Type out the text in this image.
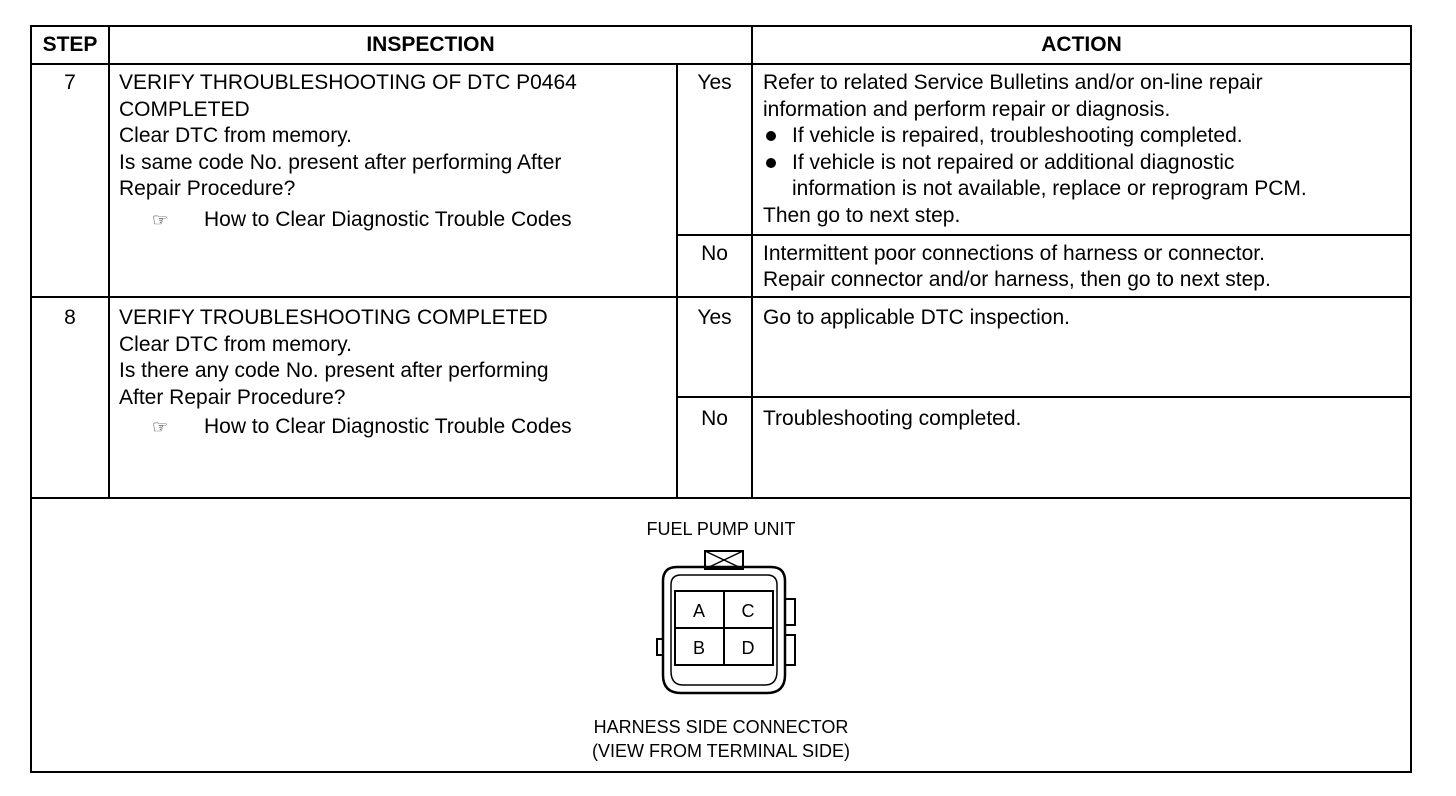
STEP	INSPECTION	ACTION
7	VERIFY THROUBLESHOOTING OF DTC P0464
COMPLETED
Clear DTC from memory.
Is same code No. present after performing After
Repair Procedure?
☞ How to Clear Diagnostic Trouble Codes
Yes	Refer to related Service Bulletins and/or on-line repair
information and perform repair or diagnosis.
If vehicle is repaired, troubleshooting completed.
If vehicle is not repaired or additional diagnostic
information is not available, replace or reprogram PCM.
Then go to next step.
No	Intermittent poor connections of harness or connector.
Repair connector and/or harness, then go to next step.
8	VERIFY TROUBLESHOOTING COMPLETED
Clear DTC from memory.
Is there any code No. present after performing
After Repair Procedure?
☞ How to Clear Diagnostic Trouble Codes
Yes	Go to applicable DTC inspection.
No	Troubleshooting completed.
FUEL PUMP UNIT
A C
B D
HARNESS SIDE CONNECTOR
(VIEW FROM TERMINAL SIDE)
